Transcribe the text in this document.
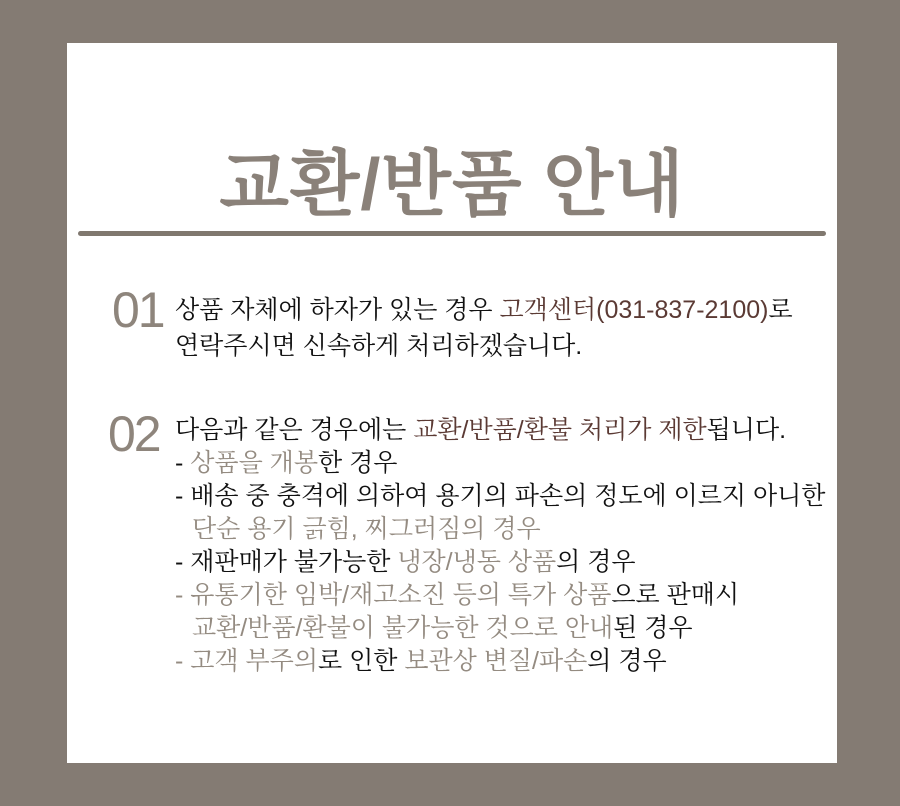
교환/반품 안내
01 상품 자체에 하자가 있는 경우 고객센터(031-837-2100)로
연락주시면 신속하게 처리하겠습니다.
02 다음과 같은 경우에는 교환/반품/환불 처리가 제한됩니다.
- 상품을 개봉한 경우
- 배송 중 충격에 의하여 용기의 파손의 정도에 이르지 아니한
단순 용기 긁힘, 찌그러짐의 경우
- 재판매가 불가능한 냉장/냉동 상품의 경우
- 유통기한 임박/재고소진 등의 특가 상품으로 판매시
교환/반품/환불이 불가능한 것으로 안내된 경우
- 고객 부주의로 인한 보관상 변질/파손의 경우
